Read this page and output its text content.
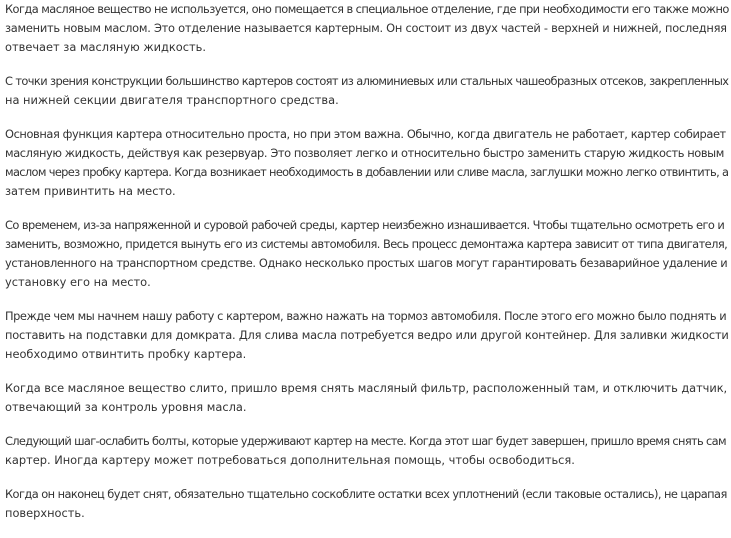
Когда масляное вещество не используется, оно помещается в специальное отделение, где при необходимости его также можно
заменить новым маслом. Это отделение называется картерным. Он состоит из двух частей - верхней и нижней, последняя
отвечает за масляную жидкость.

С точки зрения конструкции большинство картеров состоят из алюминиевых или стальных чашеобразных отсеков, закрепленных
на нижней секции двигателя транспортного средства.

Основная функция картера относительно проста, но при этом важна. Обычно, когда двигатель не работает, картер собирает
масляную жидкость, действуя как резервуар. Это позволяет легко и относительно быстро заменить старую жидкость новым
маслом через пробку картера. Когда возникает необходимость в добавлении или сливе масла, заглушки можно легко отвинтить, а
затем привинтить на место.

Со временем, из-за напряженной и суровой рабочей среды, картер неизбежно изнашивается. Чтобы тщательно осмотреть его и
заменить, возможно, придется вынуть его из системы автомобиля. Весь процесс демонтажа картера зависит от типа двигателя,
установленного на транспортном средстве. Однако несколько простых шагов могут гарантировать безаварийное удаление и
установку его на место.

Прежде чем мы начнем нашу работу с картером, важно нажать на тормоз автомобиля. После этого его можно было поднять и
поставить на подставки для домкрата. Для слива масла потребуется ведро или другой контейнер. Для заливки жидкости
необходимо отвинтить пробку картера.

Когда все масляное вещество слито, пришло время снять масляный фильтр, расположенный там, и отключить датчик,
отвечающий за контроль уровня масла.

Следующий шаг-ослабить болты, которые удерживают картер на месте. Когда этот шаг будет завершен, пришло время снять сам
картер. Иногда картеру может потребоваться дополнительная помощь, чтобы освободиться.

Когда он наконец будет снят, обязательно тщательно соскоблите остатки всех уплотнений (если таковые остались), не царапая
поверхность.
